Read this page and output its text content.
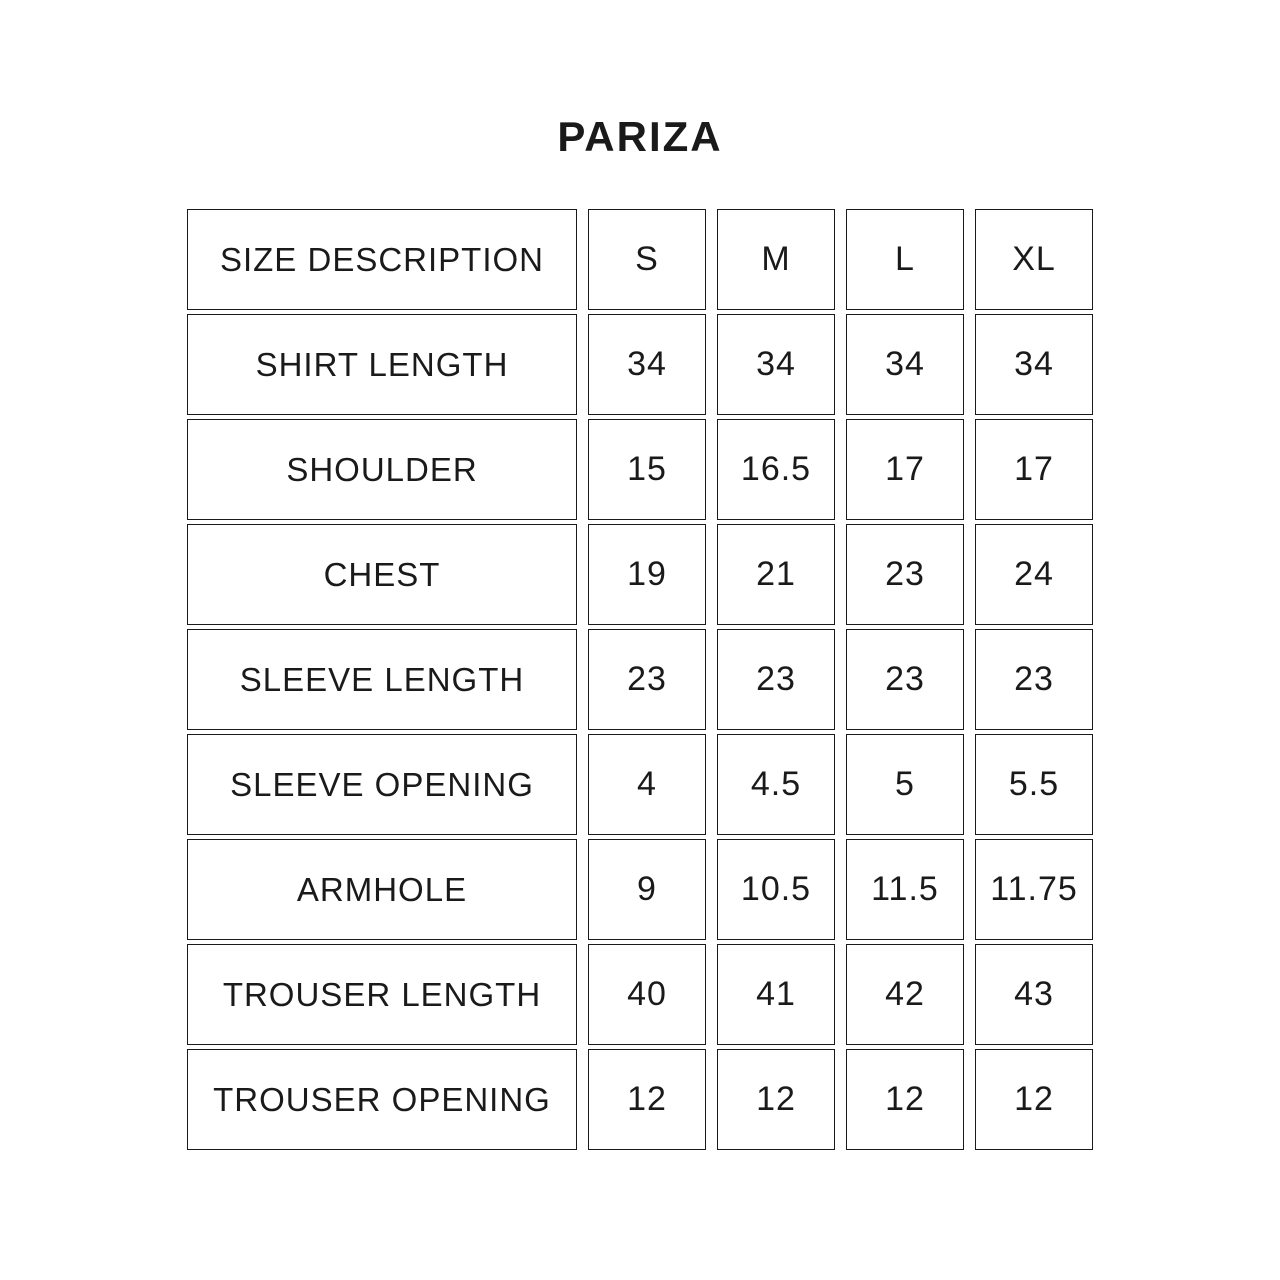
PARIZA
SIZE DESCRIPTION	S	M	L	XL
SHIRT LENGTH	34	34	34	34
SHOULDER	15	16.5	17	17
CHEST	19	21	23	24
SLEEVE LENGTH	23	23	23	23
SLEEVE OPENING	4	4.5	5	5.5
ARMHOLE	9	10.5	11.5	11.75
TROUSER LENGTH	40	41	42	43
TROUSER OPENING	12	12	12	12
